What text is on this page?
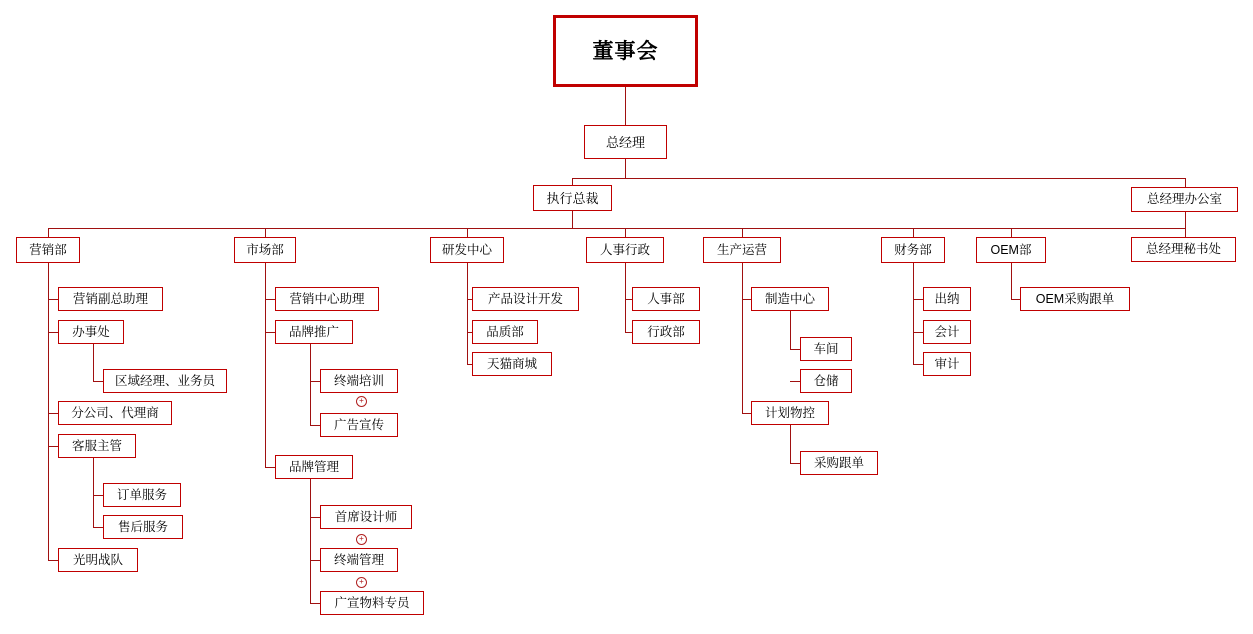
董事会
总经理
执行总裁	总经理办公室
总经理秘书处
营销部	市场部	研发中心	人事行政	生产运营	财务部	OEM部
营销副总助理
办事处
区域经理、业务员
分公司、代理商
客服主管
订单服务
售后服务
光明战队
营销中心助理
品牌推广
终端培训
广告宣传
品牌管理
首席设计师
终端管理
广宣物料专员
产品设计开发
品质部
天猫商城
人事部
行政部
制造中心
车间
仓储
计划物控
采购跟单
出纳
会计
审计
OEM采购跟单
+
+
+
